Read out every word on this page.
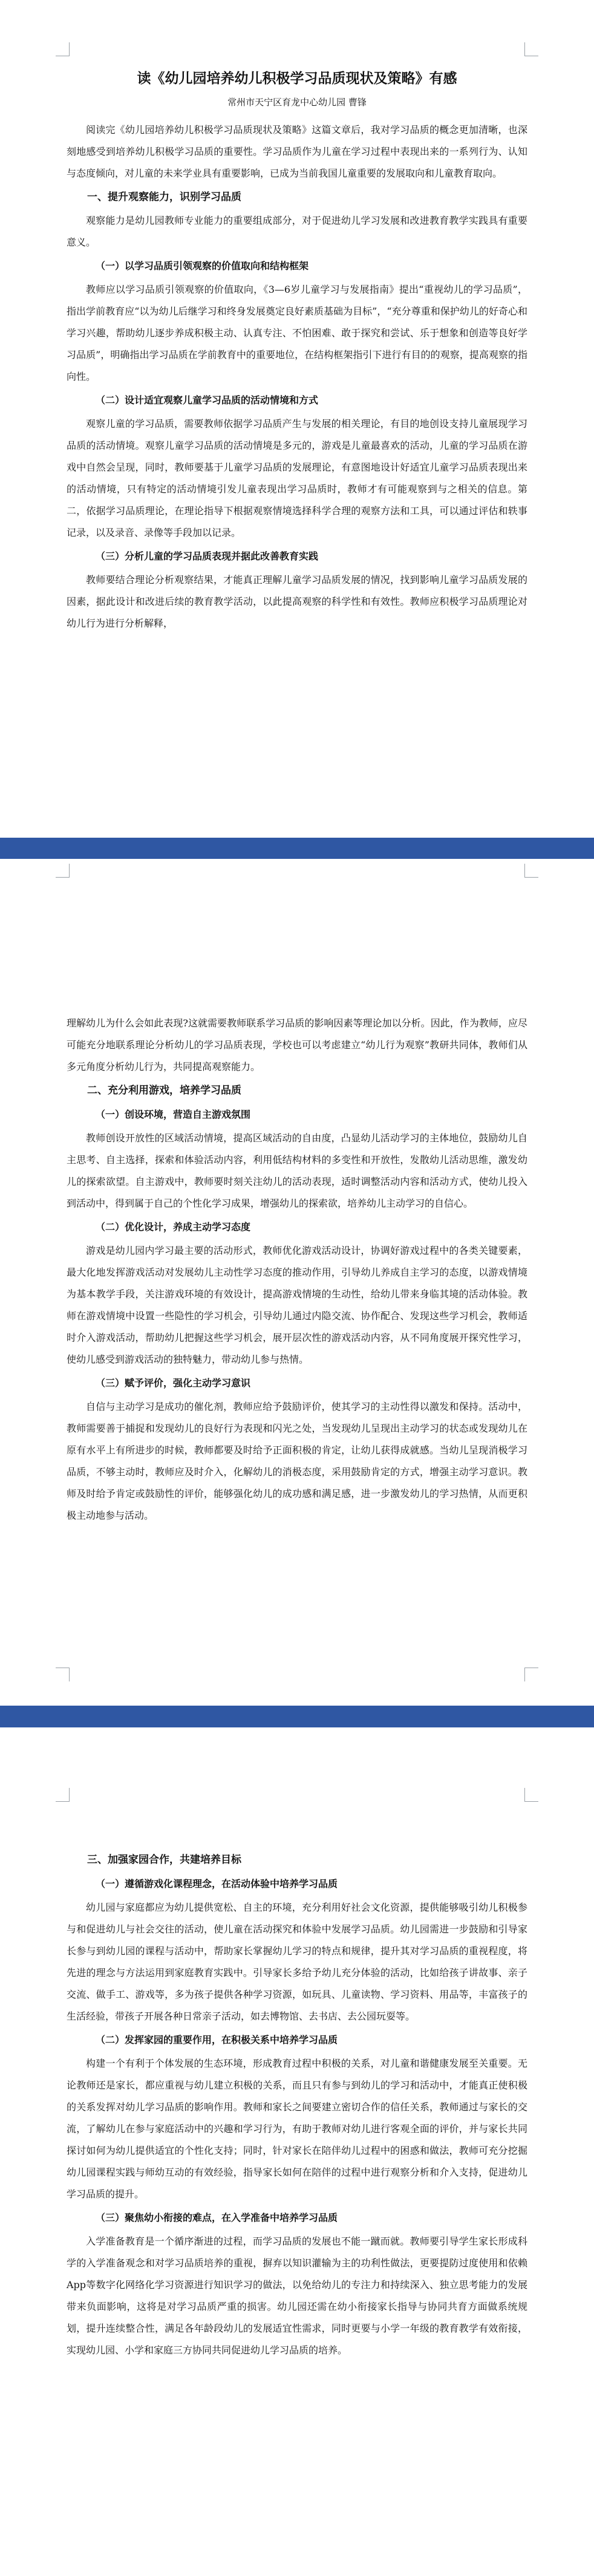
读《幼儿园培养幼儿积极学习品质现状及策略》有感
常州市天宁区育龙中心幼儿园 曹锋

阅读完《幼儿园培养幼儿积极学习品质现状及策略》这篇文章后，我对学习品质的概念更加清晰，也深刻地感受到培养幼儿积极学习品质的重要性。学习品质作为儿童在学习过程中表现出来的一系列行为、认知与态度倾向，对儿童的未来学业具有重要影响，已成为当前我国儿童重要的发展取向和儿童教育取向。

一、提升观察能力，识别学习品质

观察能力是幼儿园教师专业能力的重要组成部分，对于促进幼儿学习发展和改进教育教学实践具有重要意义。

（一）以学习品质引领观察的价值取向和结构框架

教师应以学习品质引领观察的价值取向，《3—6岁儿童学习与发展指南》提出“重视幼儿的学习品质”，指出学前教育应“以为幼儿后继学习和终身发展奠定良好素质基础为目标”，“充分尊重和保护幼儿的好奇心和学习兴趣，帮助幼儿逐步养成积极主动、认真专注、不怕困难、敢于探究和尝试、乐于想象和创造等良好学习品质”，明确指出学习品质在学前教育中的重要地位，在结构框架指引下进行有目的的观察，提高观察的指向性。

（二）设计适宜观察儿童学习品质的活动情境和方式

观察儿童的学习品质，需要教师依据学习品质产生与发展的相关理论，有目的地创设支持儿童展现学习品质的活动情境。观察儿童学习品质的活动情境是多元的，游戏是儿童最喜欢的活动，儿童的学习品质在游戏中自然会呈现，同时，教师要基于儿童学习品质的发展理论，有意图地设计好适宜儿童学习品质表现出来的活动情境，只有特定的活动情境引发儿童表现出学习品质时，教师才有可能观察到与之相关的信息。第二，依据学习品质理论，在理论指导下根据观察情境选择科学合理的观察方法和工具，可以通过评估和轶事记录，以及录音、录像等手段加以记录。

（三）分析儿童的学习品质表现并据此改善教育实践

教师要结合理论分析观察结果，才能真正理解儿童学习品质发展的情况，找到影响儿童学习品质发展的因素，据此设计和改进后续的教育教学活动，以此提高观察的科学性和有效性。教师应积极学习品质理论对幼儿行为进行分析解释，

理解幼儿为什么会如此表现?这就需要教师联系学习品质的影响因素等理论加以分析。因此，作为教师，应尽可能充分地联系理论分析幼儿的学习品质表现，学校也可以考虑建立“幼儿行为观察”教研共同体，教师们从多元角度分析幼儿行为，共同提高观察能力。

二、充分利用游戏，培养学习品质
（一）创设环境，营造自主游戏氛围

教师创设开放性的区域活动情境，提高区域活动的自由度，凸显幼儿活动学习的主体地位，鼓励幼儿自主思考、自主选择，探索和体验活动内容，利用低结构材料的多变性和开放性，发散幼儿活动思维，激发幼儿的探索欲望。自主游戏中，教师要时刻关注幼儿的活动表现，适时调整活动内容和活动方式，使幼儿投入到活动中，得到属于自己的个性化学习成果，增强幼儿的探索欲，培养幼儿主动学习的自信心。

（二）优化设计，养成主动学习态度

游戏是幼儿园内学习最主要的活动形式，教师优化游戏活动设计，协调好游戏过程中的各类关键要素，最大化地发挥游戏活动对发展幼儿主动性学习态度的推动作用，引导幼儿养成自主学习的态度，以游戏情境为基本教学手段，关注游戏环境的有效设计，提高游戏情境的生动性，给幼儿带来身临其境的活动体验。教师在游戏情境中设置一些隐性的学习机会，引导幼儿通过内隐交流、协作配合、发现这些学习机会，教师适时介入游戏活动，帮助幼儿把握这些学习机会，展开层次性的游戏活动内容，从不同角度展开探究性学习，使幼儿感受到游戏活动的独特魅力，带动幼儿参与热情。

（三）赋予评价，强化主动学习意识

自信与主动学习是成功的催化剂，教师应给予鼓励评价，使其学习的主动性得以激发和保持。活动中，教师需要善于捕捉和发现幼儿的良好行为表现和闪光之处，当发现幼儿呈现出主动学习的状态或发现幼儿在原有水平上有所进步的时候，教师都要及时给予正面积极的肯定，让幼儿获得成就感。当幼儿呈现消极学习品质，不够主动时，教师应及时介入，化解幼儿的消极态度，采用鼓励肯定的方式，增强主动学习意识。教师及时给予肯定或鼓励性的评价，能够强化幼儿的成功感和满足感，进一步激发幼儿的学习热情，从而更积极主动地参与活动。

三、加强家园合作，共建培养目标
（一）遵循游戏化课程理念，在活动体验中培养学习品质

幼儿园与家庭都应为幼儿提供宽松、自主的环境，充分利用好社会文化资源，提供能够吸引幼儿积极参与和促进幼儿与社会交往的活动，使儿童在活动探究和体验中发展学习品质。幼儿园需进一步鼓励和引导家长参与到幼儿园的课程与活动中，帮助家长掌握幼儿学习的特点和规律，提升其对学习品质的重视程度，将先进的理念与方法运用到家庭教育实践中。引导家长多给予幼儿充分体验的活动，比如给孩子讲故事、亲子交流、做手工、游戏等，多为孩子提供各种学习资源，如玩具、儿童读物、学习资料、用品等，丰富孩子的生活经验，带孩子开展各种日常亲子活动，如去博物馆、去书店、去公园玩耍等。

（二）发挥家园的重要作用，在积极关系中培养学习品质

构建一个有利于个体发展的生态环境，形成教育过程中积极的关系，对儿童和谐健康发展至关重要。无论教师还是家长，都应重视与幼儿建立积极的关系，而且只有参与到幼儿的学习和活动中，才能真正使积极的关系发挥对幼儿学习品质的影响作用。教师和家长之间要建立密切合作的信任关系，教师通过与家长的交流，了解幼儿在参与家庭活动中的兴趣和学习行为，有助于教师对幼儿进行客观全面的评价，并与家长共同探讨如何为幼儿提供适宜的个性化支持；同时，针对家长在陪伴幼儿过程中的困惑和做法，教师可充分挖掘幼儿园课程实践与师幼互动的有效经验，指导家长如何在陪伴的过程中进行观察分析和介入支持，促进幼儿学习品质的提升。

（三）聚焦幼小衔接的难点，在入学准备中培养学习品质

入学准备教育是一个循序渐进的过程，而学习品质的发展也不能一蹴而就。教师要引导学生家长形成科学的入学准备观念和对学习品质培养的重视，摒弃以知识灌输为主的功利性做法，更要提防过度使用和依赖App等数字化网络化学习资源进行知识学习的做法，以免给幼儿的专注力和持续深入、独立思考能力的发展带来负面影响，这将是对学习品质严重的损害。幼儿园还需在幼小衔接家长指导与协同共育方面做系统规划，提升连续整合性，满足各年龄段幼儿的发展适宜性需求，同时更要与小学一年级的教育教学有效衔接，实现幼儿园、小学和家庭三方协同共同促进幼儿学习品质的培养。
